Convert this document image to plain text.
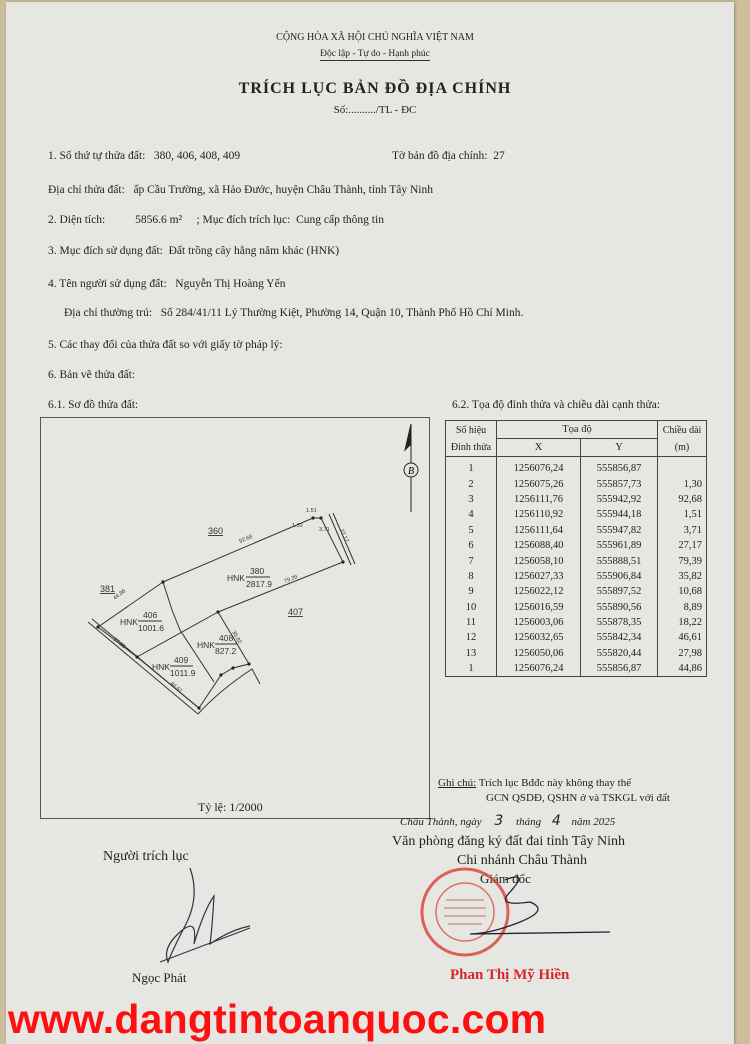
CỘNG HÒA XÃ HỘI CHỦ NGHĨA VIỆT NAM
Độc lập - Tự do - Hạnh phúc
TRÍCH LỤC BẢN ĐỒ ĐỊA CHÍNH
Số:........../TL - ĐC
1. Số thứ tự thửa đất: 380, 406, 408, 409	Tờ bản đồ địa chính: 27
Địa chỉ thửa đất: ấp Cầu Trường, xã Hảo Đước, huyện Châu Thành, tỉnh Tây Ninh
2. Diện tích:	5856.6 m² ; Mục đích trích lục: Cung cấp thông tin
3. Mục đích sử dụng đất: Đất trồng cây hằng năm khác (HNK)
4. Tên người sử dụng đất: Nguyễn Thị Hoàng Yến
Địa chỉ thường trú: Số 284/41/11 Lý Thường Kiệt, Phường 14, Quận 10, Thành Phố Hồ Chí Minh.
5. Các thay đổi của thửa đất so với giấy tờ pháp lý:
6. Bản vẽ thửa đất:
6.1. Sơ đồ thửa đất:	6.2. Tọa độ đỉnh thửa và chiều dài cạnh thửa:
B
360
381
407
HNK
380
2817.9
HNK
406
1001.6
HNK
408
827.2
HNK
409
1011.9
92.68
79.39
27.17
44.86
27.98
46.61
35.82
1.51
3.71
1.30
Tỷ lệ: 1/2000
Số hiệu
Đỉnh thửa	Tọa độ		Chiều dài
(m)
	X	Y	
1	1256076,24	555856,87	
2	1256075,26	555857,73	1,30
3	1256111,76	555942,92	92,68
4	1256110,92	555944,18	1,51
5	1256111,64	555947,82	3,71
6	1256088,40	555961,89	27,17
7	1256058,10	555888,51	79,39
8	1256027,33	555906,84	35,82
9	1256022,12	555897,52	10,68
10	1256016,59	555890,56	8,89
11	1256003,06	555878,35	18,22
12	1256032,65	555842,34	46,61
13	1256050,06	555820,44	27,98
1	1256076,24	555856,87	44,86
Ghi chú: Trích lục Bđđc này không thay thế
GCN QSDĐ, QSHN ở và TSKGL với đất
Châu Thành, ngày 3 tháng 4 năm 2025
Văn phòng đăng ký đất đai tỉnh Tây Ninh
Chi nhánh Châu Thành
Giám đốc
Phan Thị Mỹ Hiền
Người trích lục
Ngọc Phát
www.dangtintoanquoc.com
